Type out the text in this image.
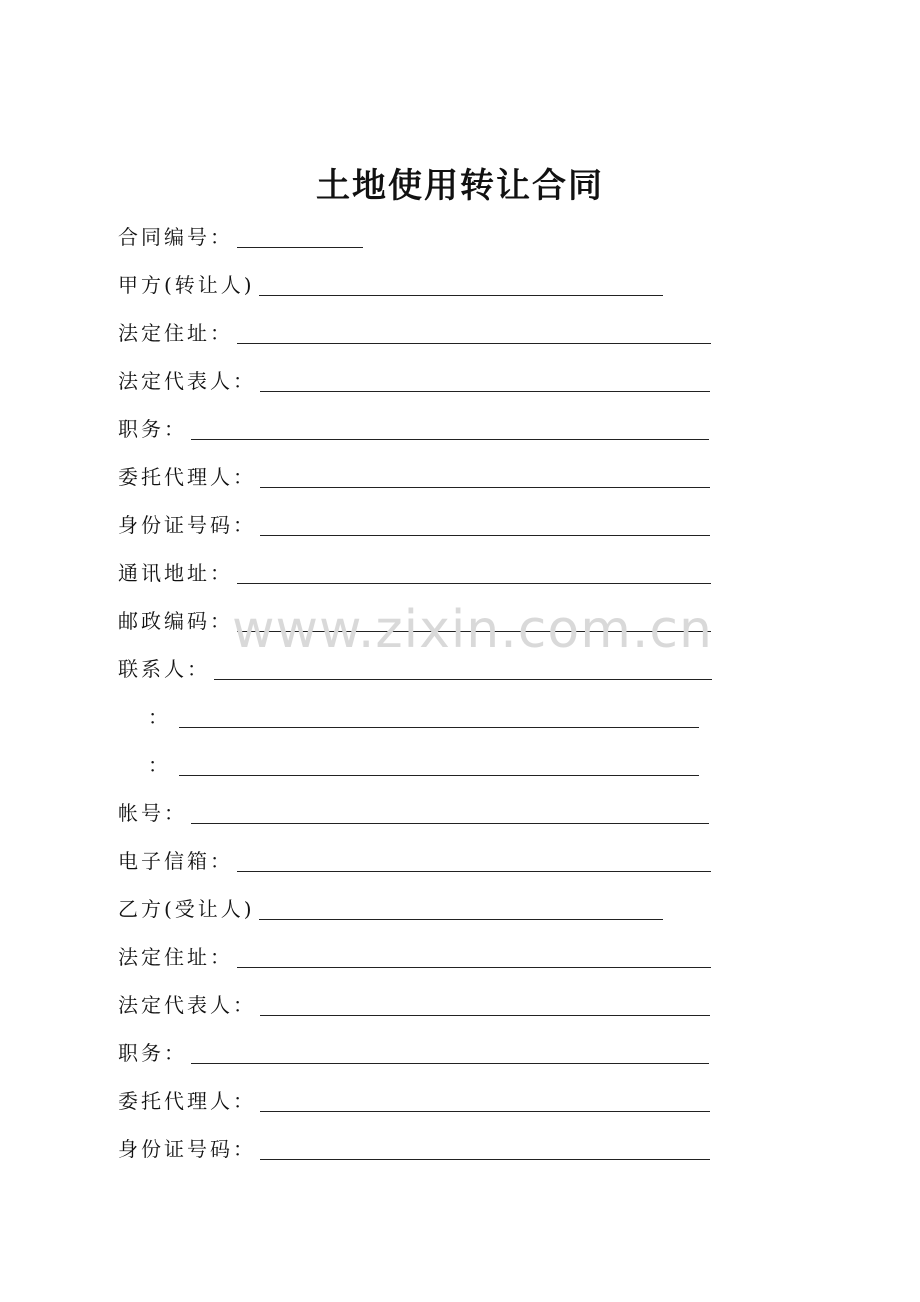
土地使用转让合同
合同编号：
甲方(转让人)
法定住址：
法定代表人：
职务：
委托代理人：
身份证号码：
通讯地址：
邮政编码：
联系人：
：
：
帐号：
电子信箱：
乙方(受让人)
法定住址：
法定代表人：
职务：
委托代理人：
身份证号码：
www.zixin.com.cn
